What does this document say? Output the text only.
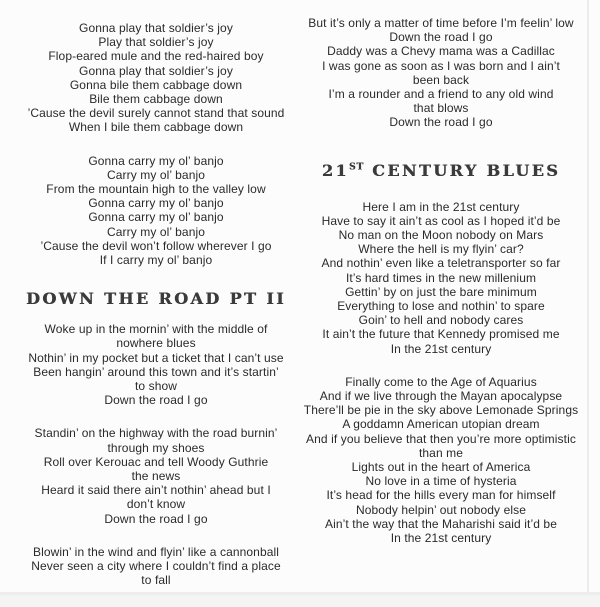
Gonna play that soldier’s joy
Play that soldier’s joy
Flop-eared mule and the red-haired boy
Gonna play that soldier’s joy
Gonna bile them cabbage down
Bile them cabbage down
’Cause the devil surely cannot stand that sound
When I bile them cabbage down
Gonna carry my ol’ banjo
Carry my ol’ banjo
From the mountain high to the valley low
Gonna carry my ol’ banjo
Gonna carry my ol’ banjo
Carry my ol’ banjo
’Cause the devil won’t follow wherever I go
If I carry my ol’ banjo
DOWN THE ROAD PT II
Woke up in the mornin’ with the middle of
nowhere blues
Nothin’ in my pocket but a ticket that I can’t use
Been hangin’ around this town and it’s startin’
to show
Down the road I go
Standin’ on the highway with the road burnin’
through my shoes
Roll over Kerouac and tell Woody Guthrie
the news
Heard it said there ain’t nothin’ ahead but I
don’t know
Down the road I go
Blowin’ in the wind and flyin’ like a cannonball
Never seen a city where I couldn’t find a place
to fall
But it’s only a matter of time before I’m feelin’ low
Down the road I go
Daddy was a Chevy mama was a Cadillac
I was gone as soon as I was born and I ain’t
been back
I’m a rounder and a friend to any old wind
that blows
Down the road I go
21ST CENTURY BLUES
Here I am in the 21st century
Have to say it ain’t as cool as I hoped it’d be
No man on the Moon nobody on Mars
Where the hell is my flyin’ car?
And nothin’ even like a teletransporter so far
It’s hard times in the new millenium
Gettin’ by on just the bare minimum
Everything to lose and nothin’ to spare
Goin’ to hell and nobody cares
It ain’t the future that Kennedy promised me
In the 21st century
Finally come to the Age of Aquarius
And if we live through the Mayan apocalypse
There’ll be pie in the sky above Lemonade Springs
A goddamn American utopian dream
And if you believe that then you’re more optimistic
than me
Lights out in the heart of America
No love in a time of hysteria
It’s head for the hills every man for himself
Nobody helpin’ out nobody else
Ain’t the way that the Maharishi said it’d be
In the 21st century
